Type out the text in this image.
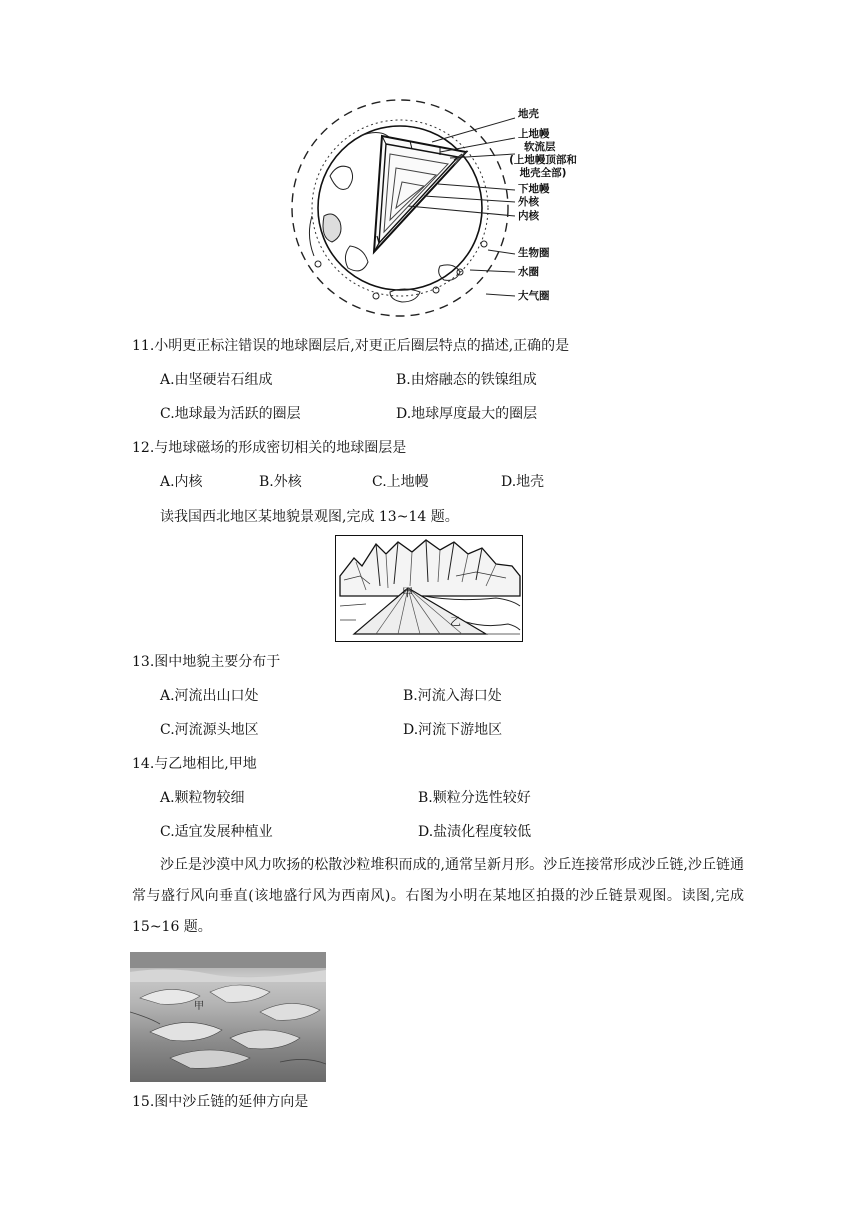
地壳
上地幔
软流层
(上地幔顶部和地壳全部)
下地幔
外核
内核
生物圈
水圈
大气圈
11.小明更正标注错误的地球圈层后,对更正后圈层特点的描述,正确的是
A.由坚硬岩石组成	B.由熔融态的铁镍组成
C.地球最为活跃的圈层	D.地球厚度最大的圈层
12.与地球磁场的形成密切相关的地球圈层是
A.内核	B.外核	C.上地幔	D.地壳
读我国西北地区某地貌景观图,完成 13~14 题。
甲
乙
13.图中地貌主要分布于
A.河流出山口处	B.河流入海口处
C.河流源头地区	D.河流下游地区
14.与乙地相比,甲地
A.颗粒物较细	B.颗粒分选性较好
C.适宜发展种植业	D.盐渍化程度较低
沙丘是沙漠中风力吹扬的松散沙粒堆积而成的,通常呈新月形。沙丘连接常形成沙丘链,沙丘链通常与盛行风向垂直(该地盛行风为西南风)。右图为小明在某地区拍摄的沙丘链景观图。读图,完成 15~16 题。
甲
15.图中沙丘链的延伸方向是
